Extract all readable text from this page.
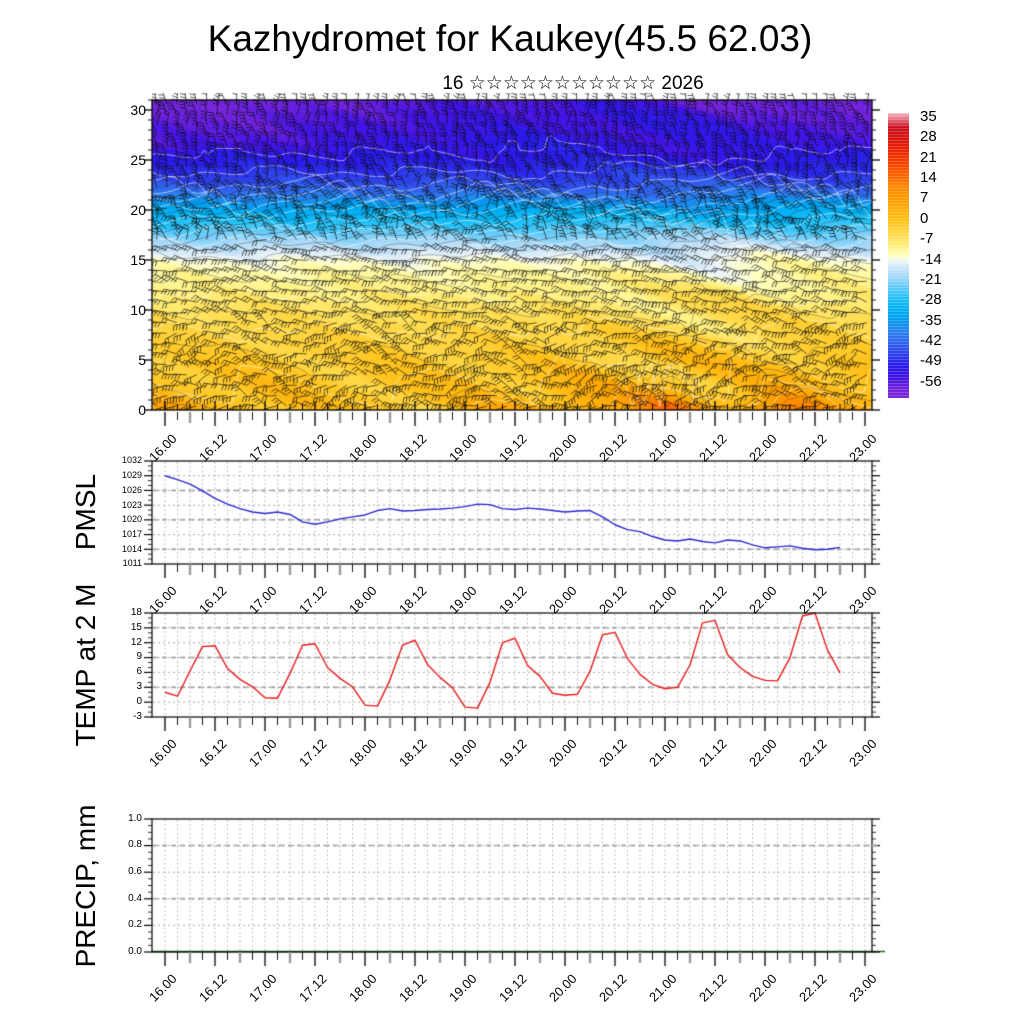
Kazhydromet for Kaukey(45.5 62.03)
16 ☆☆☆☆☆☆☆☆☆☆☆ 2026
PMSL
TEMP at 2 M
PRECIP, mm
30
25
20
15
10
5
0
35
28
21
14
7
0
-7
-14
-21
-28
-35
-42
-49
-56
1011
1014
1017
1020
1023
1026
1029
1032
16.00 16.12 17.00 17.12 18.00 18.12 19.00 19.12 20.00 20.12 21.00 21.12 22.00 22.12 23.00
-3
0
3
6
9
12
15
18
16.00 16.12 17.00 17.12 18.00 18.12 19.00 19.12 20.00 20.12 21.00 21.12 22.00 22.12 23.00
0.0
0.2
0.4
0.6
0.8
1.0
16.00 16.12 17.00 17.12 18.00 18.12 19.00 19.12 20.00 20.12 21.00 21.12 22.00 22.12 23.00
16.00 16.12 17.00 17.12 18.00 18.12 19.00 19.12 20.00 20.12 21.00 21.12 22.00 22.12 23.00
